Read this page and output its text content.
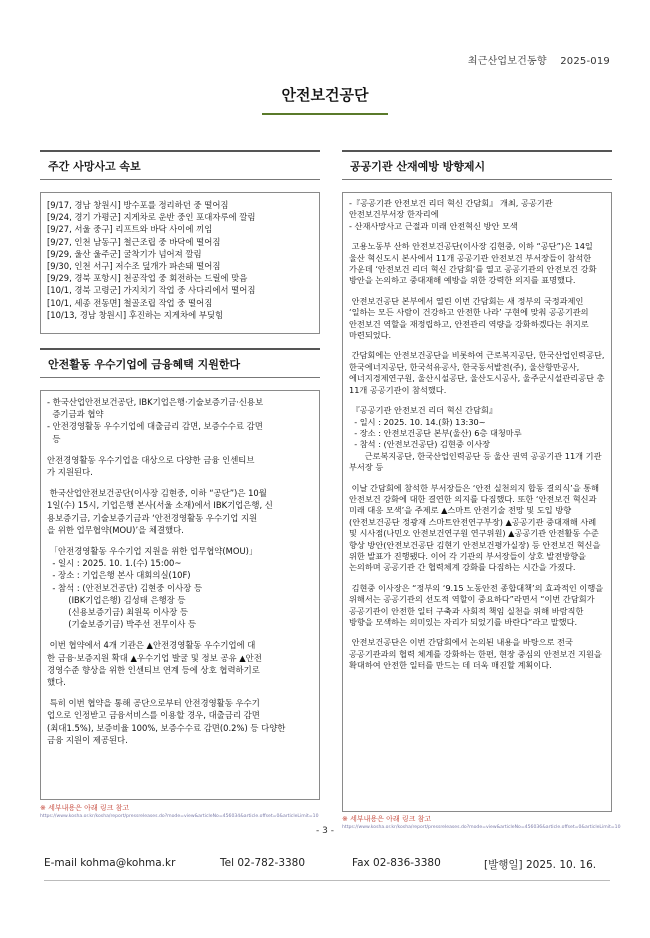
최근산업보건동향 2025-019
안전보건공단
주간 사망사고 속보
[9/17, 경남 창원시] 방수포를 정리하던 중 떨어짐
[9/24, 경기 가평군] 지게차로 운반 중인 포대자루에 깔림
[9/27, 서울 중구] 리프트와 바닥 사이에 끼임
[9/27, 인천 남동구] 철근조립 중 바닥에 떨어짐
[9/29, 울산 울주군] 굴착기가 넘어져 깔림
[9/30, 인천 서구] 저수조 덮개가 파손돼 떨어짐
[9/29, 경북 포항시] 천공작업 중 회전하는 드릴에 맞음
[10/1, 경북 고령군] 가지치기 작업 중 사다리에서 떨어짐
[10/1, 세종 전동면] 철골조립 작업 중 떨어짐
[10/13, 경남 창원시] 후진하는 지게차에 부딪힘
안전활동 우수기업에 금융혜택 지원한다
- 한국산업안전보건공단, IBK기업은행·기술보증기금·신용보
증기금과 협약
- 안전경영활동 우수기업에 대출금리 감면, 보증수수료 감면
등
안전경영활동 우수기업을 대상으로 다양한 금융 인센티브
가 지원된다.
한국산업안전보건공단(이사장 김현중, 이하 “공단”)은 10월
1일(수) 15시, 기업은행 본사(서울 소재)에서 IBK기업은행, 신
용보증기금, 기술보증기금과 ‘안전경영활동 우수기업 지원
을 위한 업무협약(MOU)’을 체결했다.
「안전경영활동 우수기업 지원을 위한 업무협약(MOU)」
- 일시 : 2025. 10. 1.(수) 15:00~
- 장소 : 기업은행 본사 대회의실(10F)
- 참석 : (안전보건공단) 김현중 이사장 등
(IBK기업은행) 김성태 은행장 등
(신용보증기금) 최원목 이사장 등
(기술보증기금) 박주선 전무이사 등
이번 협약에서 4개 기관은 ▲안전경영활동 우수기업에 대
한 금융·보증지원 확대 ▲우수기업 발굴 및 정보 공유 ▲안전
경영수준 향상을 위한 인센티브 연계 등에 상호 협력하기로
했다.
특히 이번 협약을 통해 공단으로부터 안전경영활동 우수기
업으로 인정받고 금융서비스를 이용할 경우, 대출금리 감면
(최대1.5%), 보증비율 100%, 보증수수료 감면(0.2%) 등 다양한
금융 지원이 제공된다.
※ 세부내용은 아래 링크 참고
https://www.kosha.or.kr/kosha/report/pressreleases.do?mode=view&articleNo=456034&article.offset=0&articleLimit=10
공공기관 산재예방 방향제시
-『공공기관 안전보건 리더 혁신 간담회』 개최, 공공기관 안전보건부서장 한자리에
- 산재사망사고 근절과 미래 안전혁신 방안 모색
고용노동부 산하 안전보건공단(이사장 김현중, 이하 “공단”)은 14일 울산 혁신도시 본사에서 11개 공공기관 안전보건 부서장들이 참석한 가운데 ‘안전보건 리더 혁신 간담회’를 열고 공공기관의 안전보건 강화 방안을 논의하고 중대재해 예방을 위한 강력한 의지를 표명했다.
안전보건공단 본부에서 열린 이번 간담회는 새 정부의 국정과제인 ‘일하는 모든 사람이 건강하고 안전한 나라’ 구현에 맞춰 공공기관의 안전보건 역할을 재정립하고, 안전관리 역량을 강화하겠다는 취지로 마련되었다.
간담회에는 안전보건공단을 비롯하여 근로복지공단, 한국산업인력공단, 한국에너지공단, 한국석유공사, 한국동서발전(주), 울산항만공사, 에너지경제연구원, 울산시설공단, 울산도시공사, 울주군시설관리공단 총 11개 공공기관이 참석했다.
『공공기관 안전보건 리더 혁신 간담회』
- 일시 : 2025. 10. 14.(화) 13:30~
- 장소 : 안전보건공단 본부(울산) 6층 대청마루
- 참석 : (안전보건공단) 김현중 이사장
근로복지공단, 한국산업인력공단 등 울산 권역 공공기관 11개 기관 부서장 등
이날 간담회에 참석한 부서장들은 ‘안전 실천의지 합동 결의식’을 통해 안전보건 강화에 대한 결연한 의지를 다짐했다. 또한 ‘안전보건 혁신과 미래 대응 모색’을 주제로 ▲스마트 안전기술 전망 및 도입 방향(안전보건공단 정광재 스마트안전연구부장) ▲공공기관 중대재해 사례 및 시사점(나민오 안전보건연구원 연구위원) ▲공공기관 안전활동 수준 향상 방안(안전보건공단 김현기 안전보건평가실장) 등 안전보건 혁신을 위한 발표가 진행됐다. 이어 각 기관의 부서장들이 상호 발전방향을 논의하며 공공기관 간 협력체계 강화를 다짐하는 시간을 가졌다.
김현중 이사장은 “정부의 ‘9.15 노동안전 종합대책’의 효과적인 이행을 위해서는 공공기관의 선도적 역할이 중요하다”라면서 “이번 간담회가 공공기관이 안전한 일터 구축과 사회적 책임 실천을 위해 바람직한 방향을 모색하는 의미있는 자리가 되었기를 바란다”라고 말했다.
안전보건공단은 이번 간담회에서 논의된 내용을 바탕으로 전국 공공기관과의 협력 체계를 강화하는 한편, 현장 중심의 안전보건 지원을 확대하여 안전한 일터를 만드는 데 더욱 매진할 계획이다.
※ 세부내용은 아래 링크 참고
https://www.kosha.or.kr/kosha/report/pressreleases.do?mode=view&articleNo=456036&article.offset=0&articleLimit=10
- 3 -
E-mail kohma@kohma.kr	Tel 02-782-3380	Fax 02-836-3380	[발행일] 2025. 10. 16.
